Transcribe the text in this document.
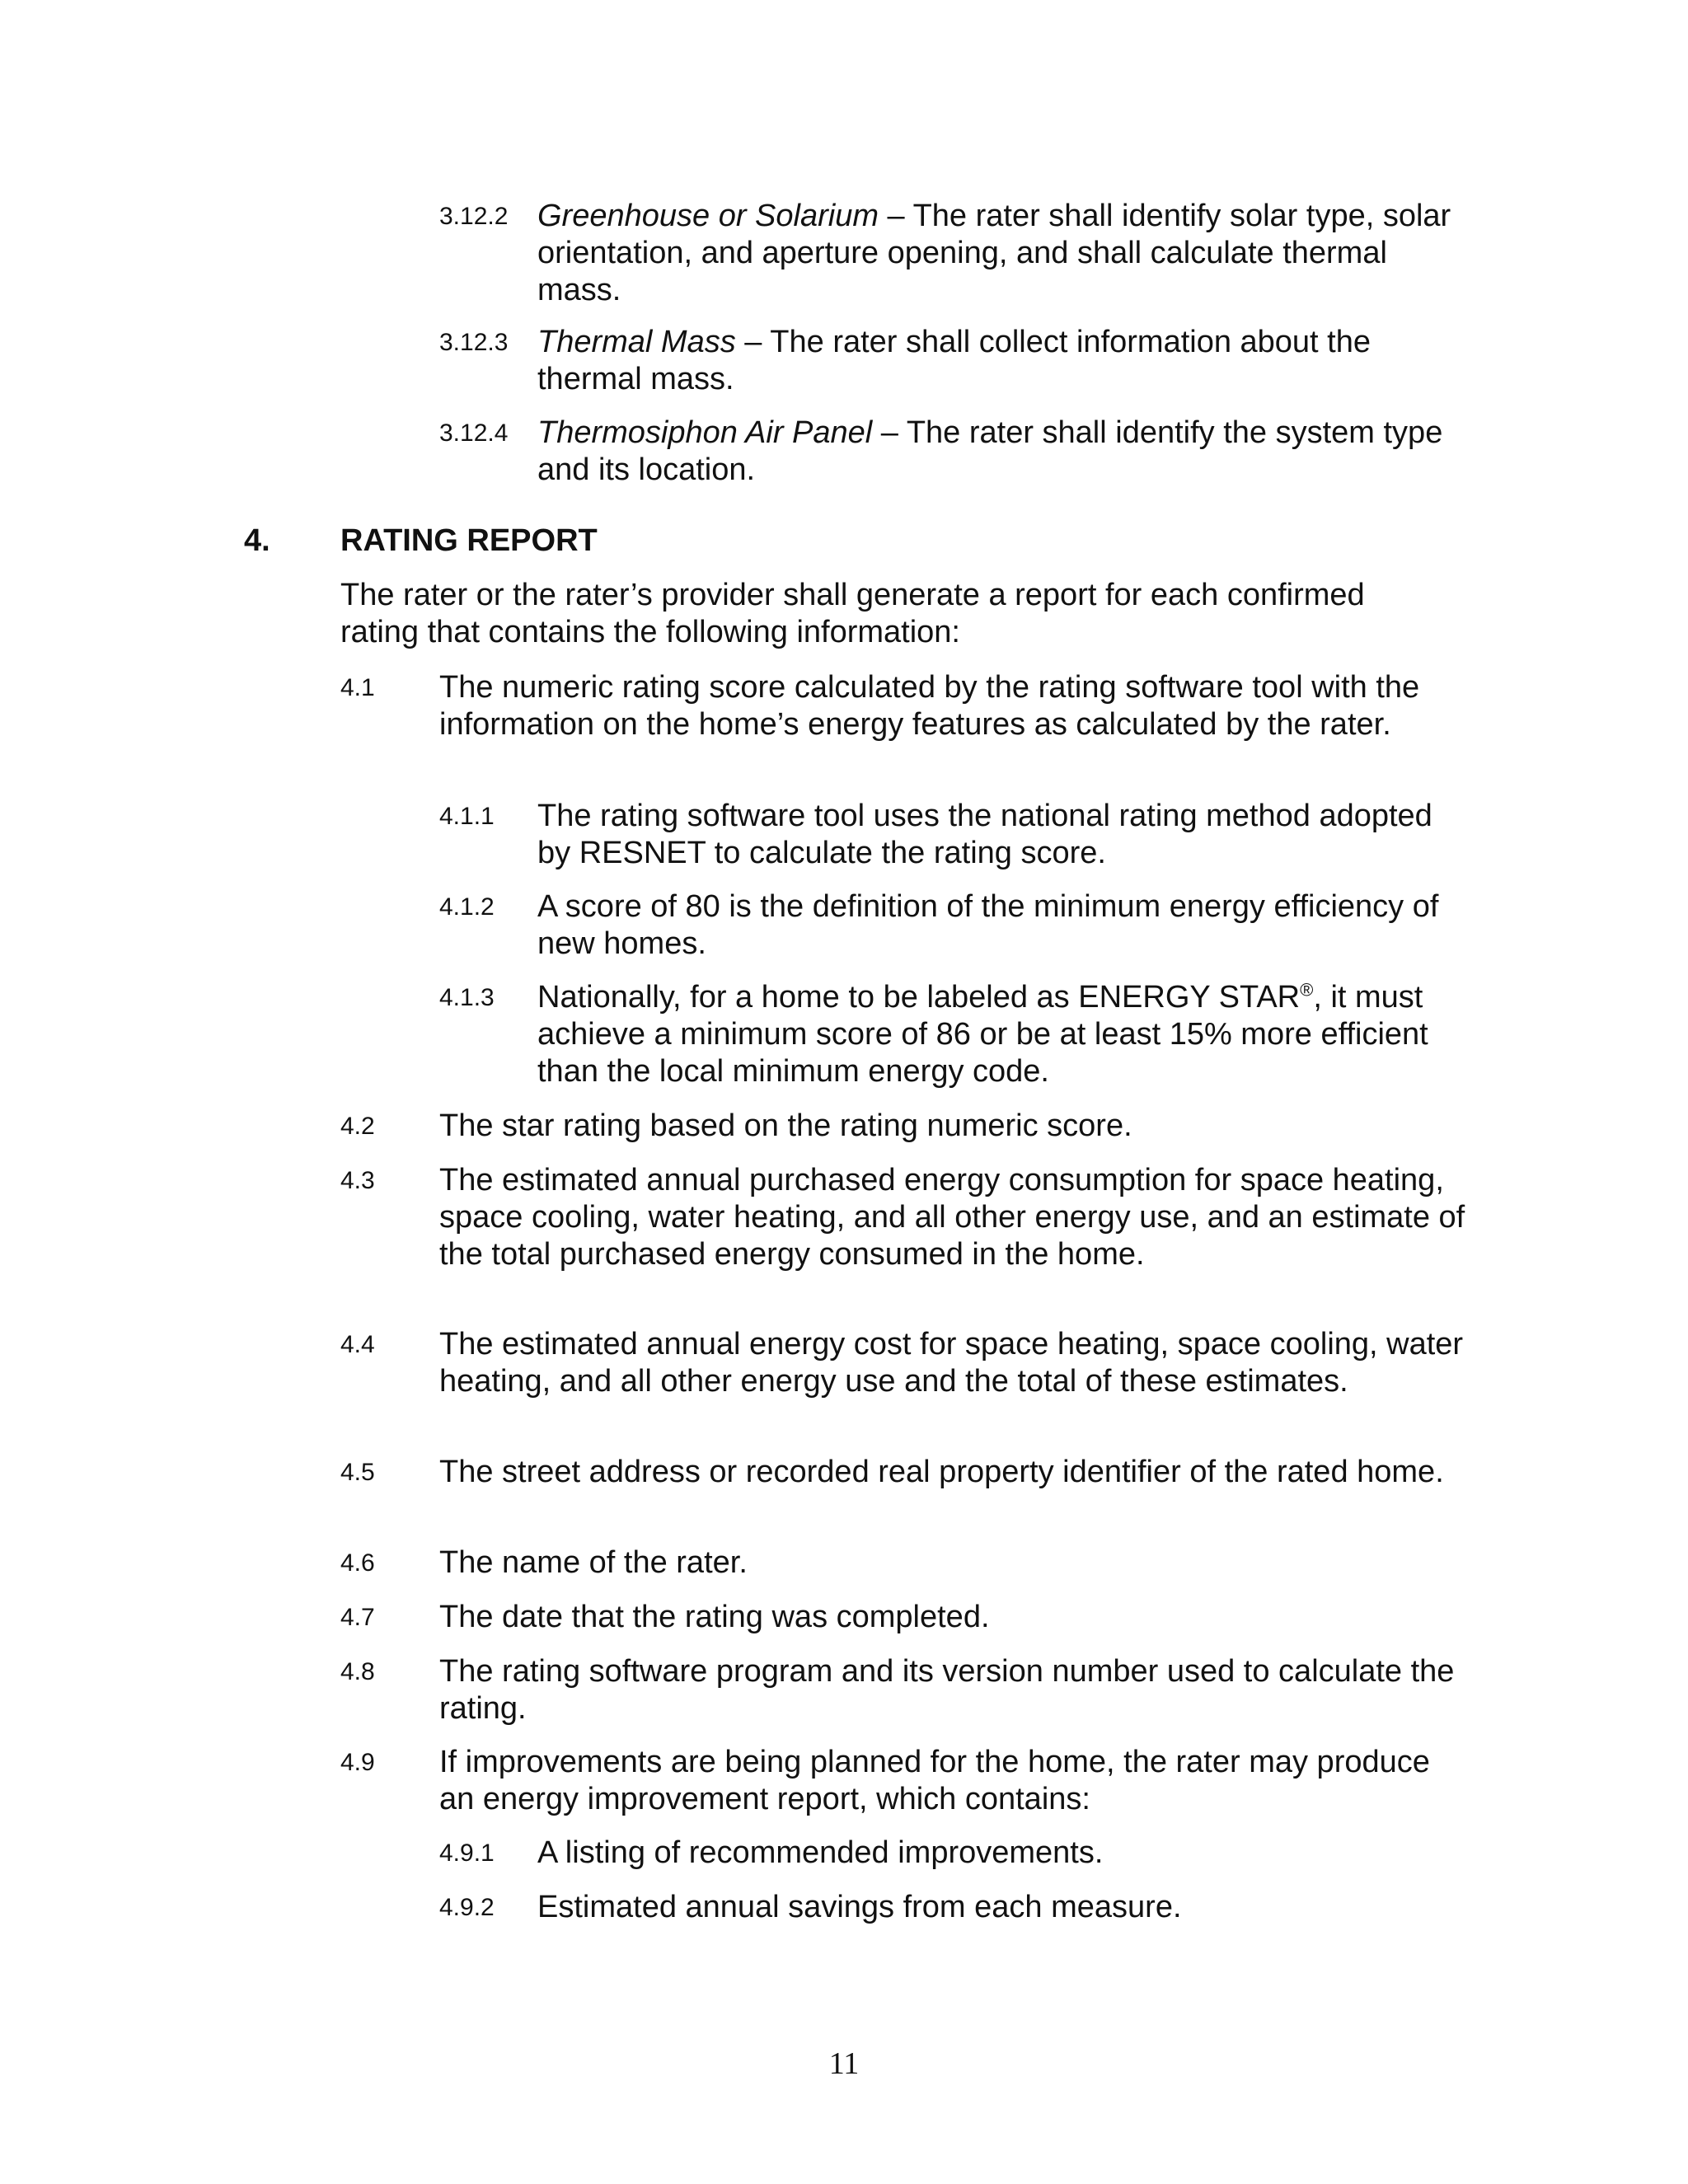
3.12.2 Greenhouse or Solarium – The rater shall identify solar type, solar orientation, and aperture opening, and shall calculate thermal mass.
3.12.3 Thermal Mass – The rater shall collect information about the thermal mass.
3.12.4 Thermosiphon Air Panel – The rater shall identify the system type and its location.
4. RATING REPORT
The rater or the rater’s provider shall generate a report for each confirmed rating that contains the following information:
4.1 The numeric rating score calculated by the rating software tool with the information on the home’s energy features as calculated by the rater.
4.1.1 The rating software tool uses the national rating method adopted by RESNET to calculate the rating score.
4.1.2 A score of 80 is the definition of the minimum energy efficiency of new homes.
4.1.3 Nationally, for a home to be labeled as ENERGY STAR®, it must achieve a minimum score of 86 or be at least 15% more efficient than the local minimum energy code.
4.2 The star rating based on the rating numeric score.
4.3 The estimated annual purchased energy consumption for space heating, space cooling, water heating, and all other energy use, and an estimate of the total purchased energy consumed in the home.
4.4 The estimated annual energy cost for space heating, space cooling, water heating, and all other energy use and the total of these estimates.
4.5 The street address or recorded real property identifier of the rated home.
4.6 The name of the rater.
4.7 The date that the rating was completed.
4.8 The rating software program and its version number used to calculate the rating.
4.9 If improvements are being planned for the home, the rater may produce an energy improvement report, which contains:
4.9.1 A listing of recommended improvements.
4.9.2 Estimated annual savings from each measure.
11
